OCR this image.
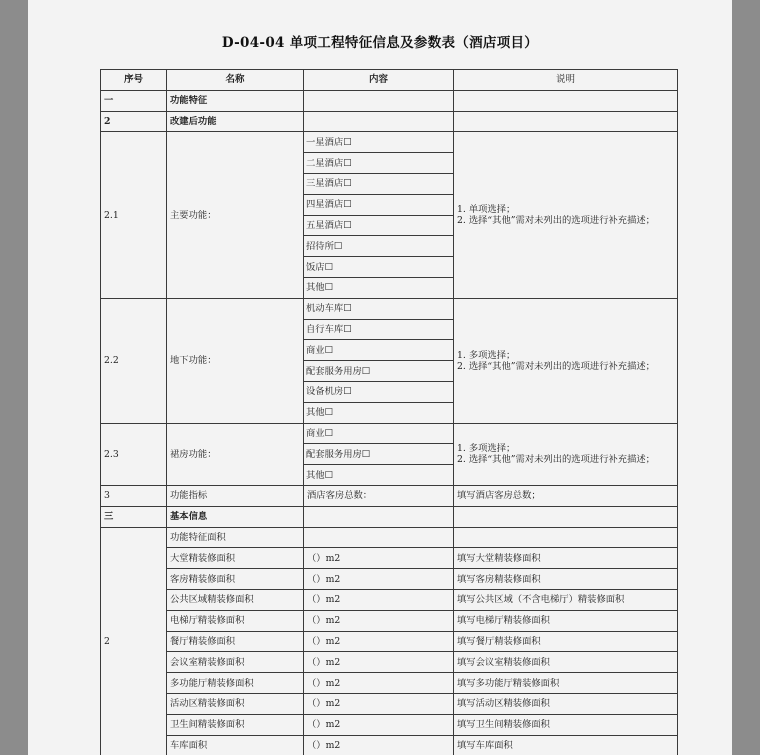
D-04-04 单项工程特征信息及参数表（酒店项目）
序号	名称	内容	说明
一	功能特征		
2	改建后功能		
2.1	主要功能：	一星酒店☐	1. 单项选择；
2. 选择“其他”需对未列出的选项进行补充描述；

		二星酒店☐	
		三星酒店☐	
		四星酒店☐	
		五星酒店☐	
		招待所☐	
		饭店☐	
		其他☐	
2.2	地下功能：	机动车库☐	1. 多项选择；
2. 选择“其他”需对未列出的选项进行补充描述；

		自行车库☐	
		商业☐	
		配套服务用房☐	
		设备机房☐	
		其他☐	
2.3	裙房功能：	商业☐	1. 多项选择；
2. 选择“其他”需对未列出的选项进行补充描述；

		配套服务用房☐	
		其他☐	
3	功能指标	酒店客房总数：	填写酒店客房总数；
三	基本信息		
2	功能特征面积		
	大堂精装修面积	（）m2	填写大堂精装修面积
	客房精装修面积	（）m2	填写客房精装修面积
	公共区域精装修面积	（）m2	填写公共区域（不含电梯厅）精装修面积
	电梯厅精装修面积	（）m2	填写电梯厅精装修面积
	餐厅精装修面积	（）m2	填写餐厅精装修面积
	会议室精装修面积	（）m2	填写会议室精装修面积
	多功能厅精装修面积	（）m2	填写多功能厅精装修面积
	活动区精装修面积	（）m2	填写活动区精装修面积
	卫生间精装修面积	（）m2	填写卫生间精装修面积
	车库面积	（）m2	填写车库面积
